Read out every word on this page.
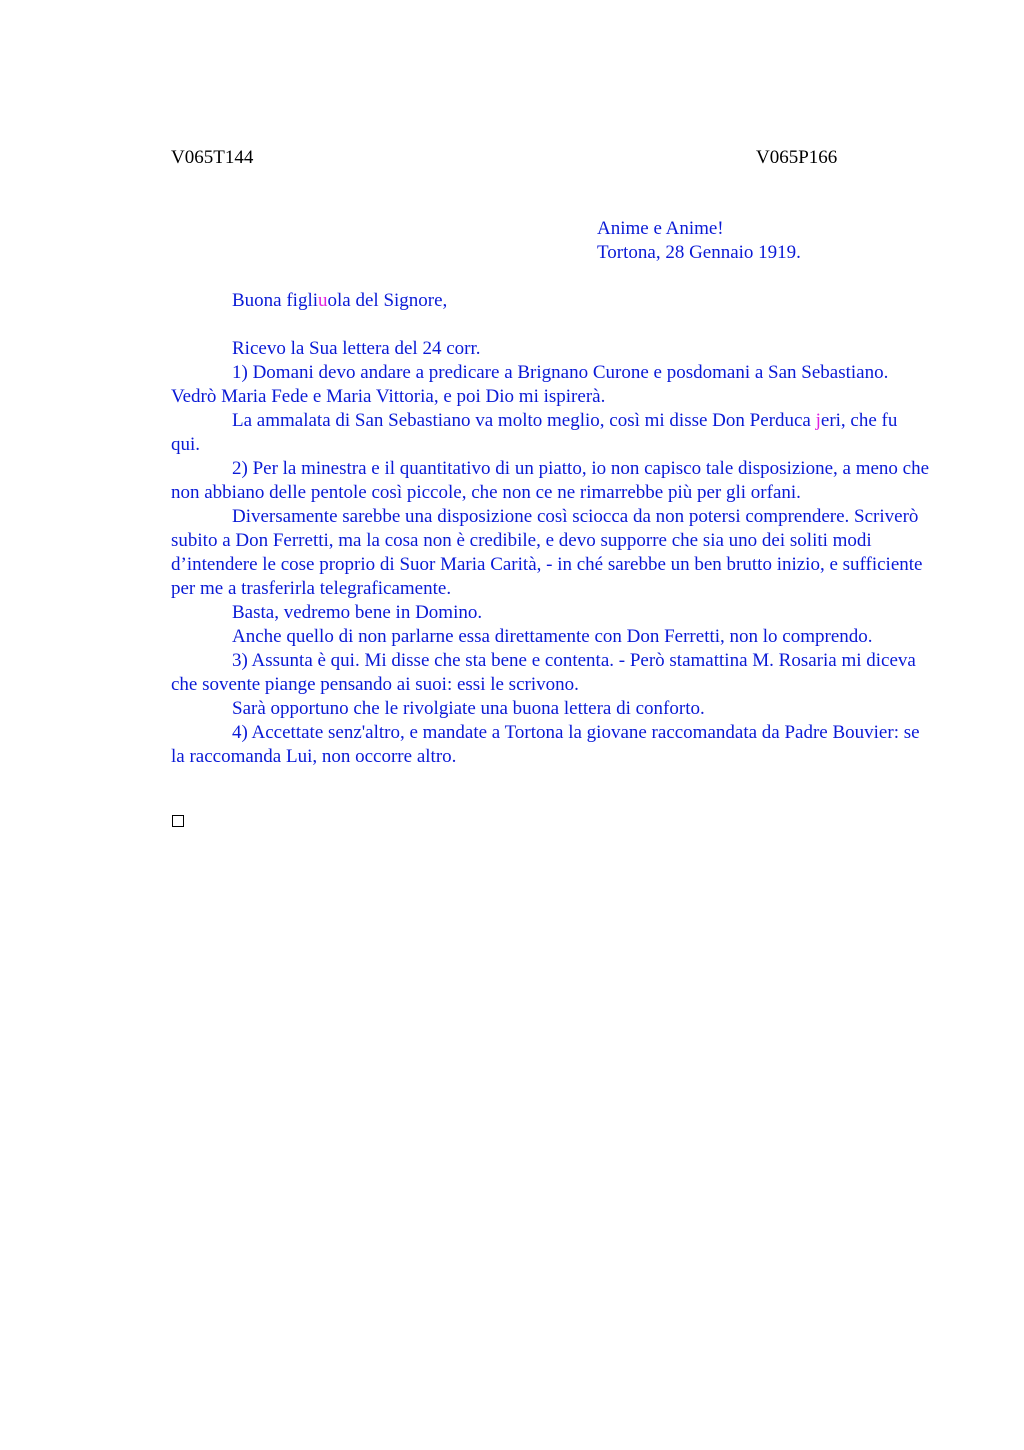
V065T144	V065P166
Anime e Anime!
Tortona, 28 Gennaio 1919.
Buona figliuola del Signore,

Ricevo la Sua lettera del 24 corr.

1) Domani devo andare a predicare a Brignano Curone e posdomani a San Sebastiano. Vedrò Maria Fede e Maria Vittoria, e poi Dio mi ispirerà.

La ammalata di San Sebastiano va molto meglio, così mi disse Don Perduca jeri, che fu qui.

2) Per la minestra e il quantitativo di un piatto, io non capisco tale disposizione, a meno che non abbiano delle pentole così piccole, che non ce ne rimarrebbe più per gli orfani.

Diversamente sarebbe una disposizione così sciocca da non potersi comprendere. Scriverò subito a Don Ferretti, ma la cosa non è credibile, e devo supporre che sia uno dei soliti modi d’intendere le cose proprio di Suor Maria Carità, - in ché sarebbe un ben brutto inizio, e sufficiente per me a trasferirla telegraficamente.

Basta, vedremo bene in Domino.

Anche quello di non parlarne essa direttamente con Don Ferretti, non lo comprendo.

3) Assunta è qui. Mi disse che sta bene e contenta. - Però stamattina M. Rosaria mi diceva che sovente piange pensando ai suoi: essi le scrivono.

Sarà opportuno che le rivolgiate una buona lettera di conforto.

4) Accettate senz'altro, e mandate a Tortona la giovane raccomandata da Padre Bouvier: se la raccomanda Lui, non occorre altro.
